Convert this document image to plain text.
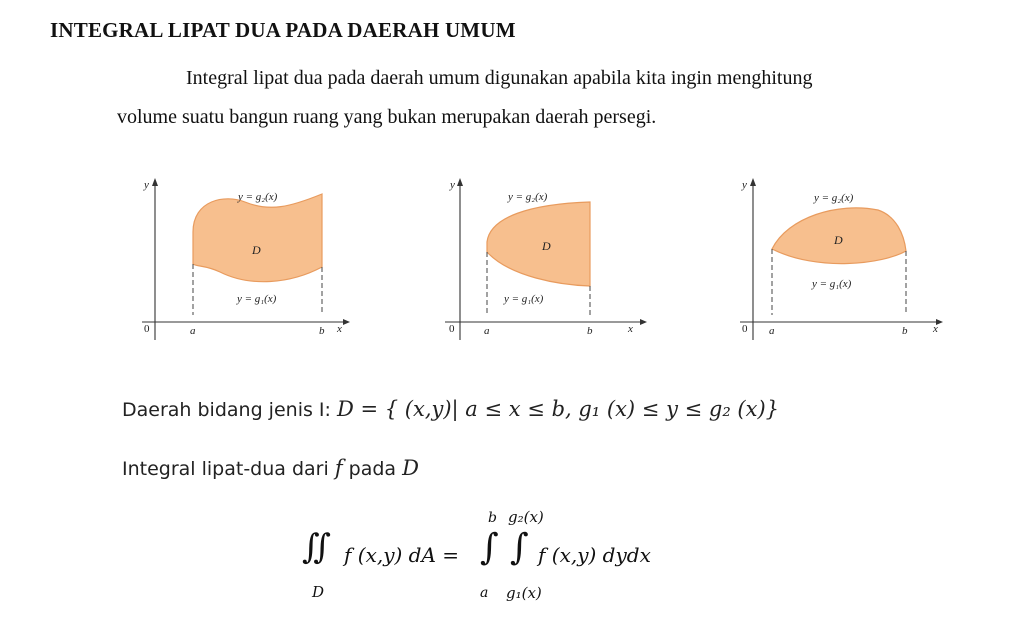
INTEGRAL LIPAT DUA PADA DAERAH UMUM
Integral lipat dua pada daerah umum digunakan apabila kita ingin menghitung
volume suatu bangun ruang yang bukan merupakan daerah persegi.
y
x
0	a	b
y = g₂(x)
D
y = g₁(x)
y
x
0	a	b
y = g₂(x)
D
y = g₁(x)
y
x
0 a	b
y = g₂(x)
D
y = g₁(x)
Daerah bidang jenis I: D = { (x,y)| a ≤ x ≤ b, g₁ (x) ≤ y ≤ g₂ (x)}
Integral lipat-dua dari f pada D
∬
D
f (x,y) dA =
b
∫
a
g₂(x)
∫
g₁(x)
f (x,y) dydx
